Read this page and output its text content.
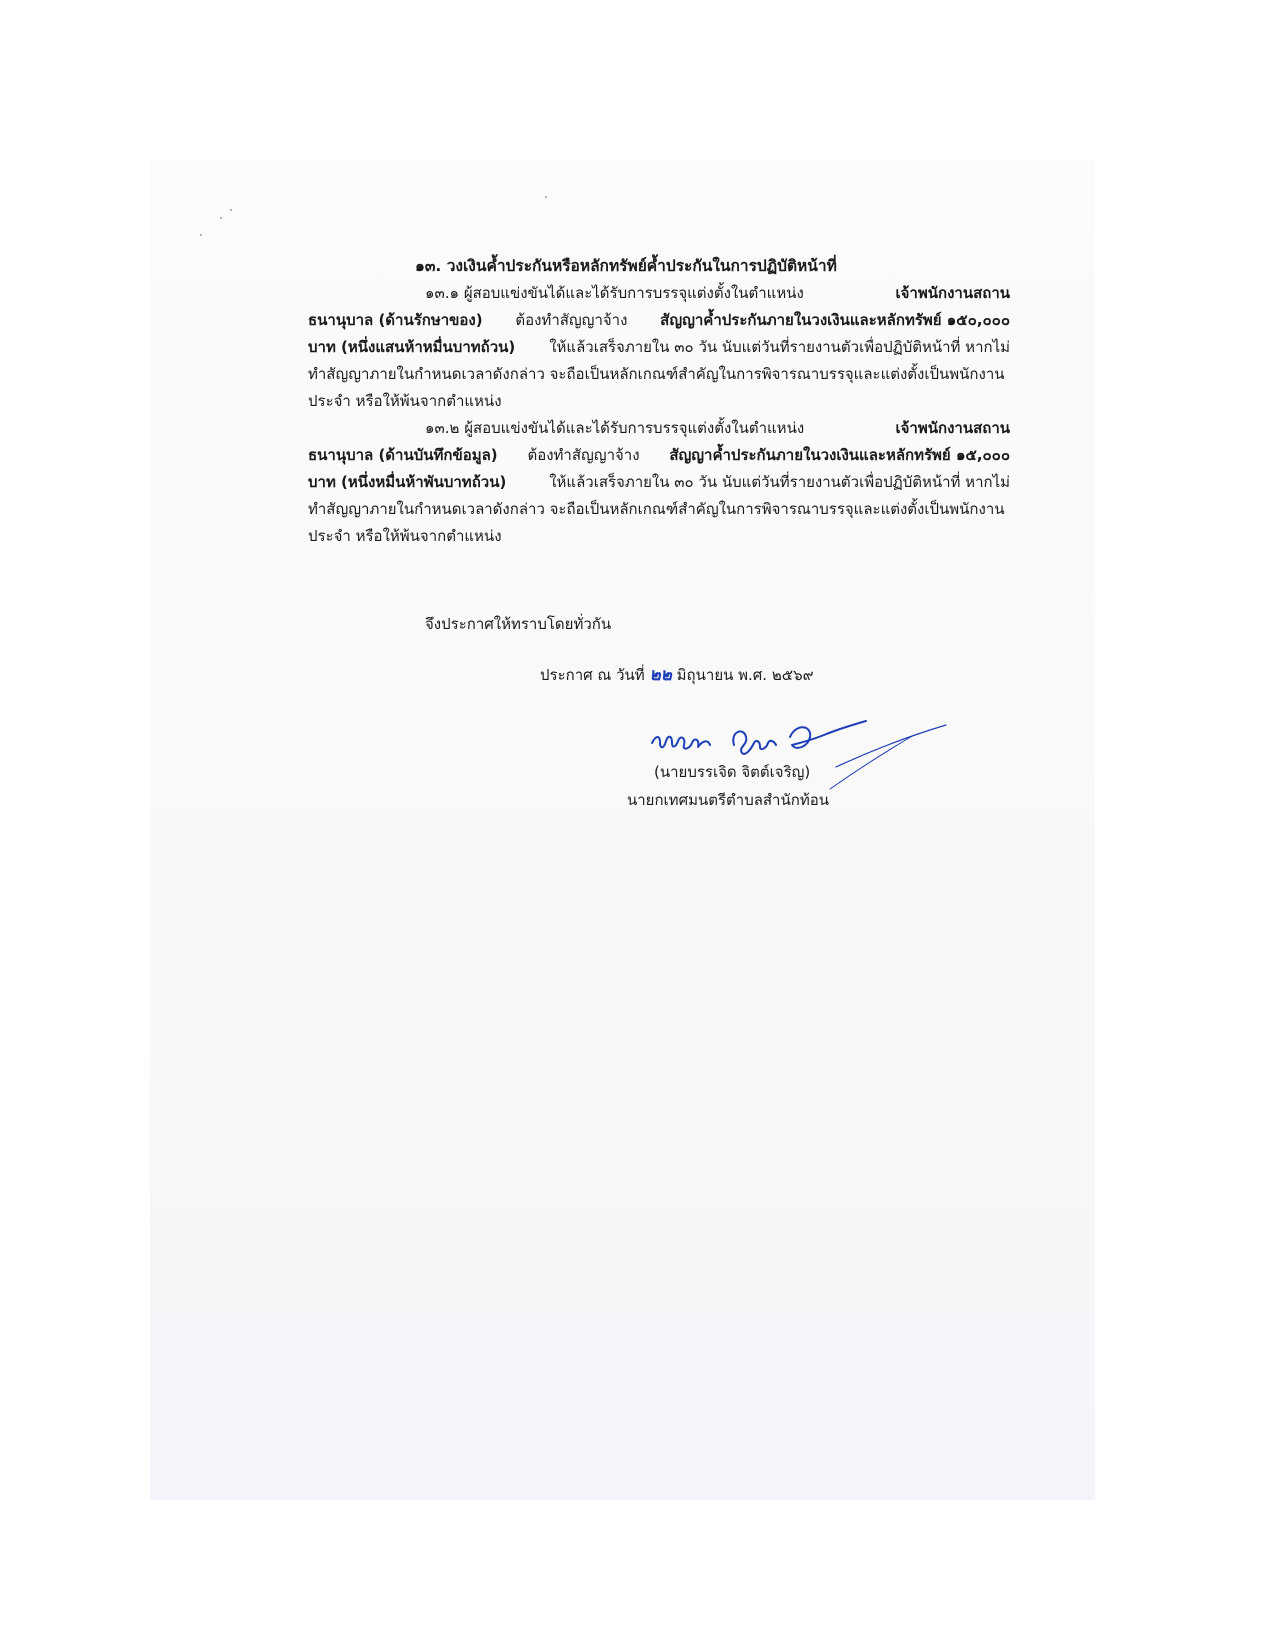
๑๓. วงเงินค้ำประกันหรือหลักทรัพย์ค้ำประกันในการปฏิบัติหน้าที่

๑๓.๑ ผู้สอบแข่งขันได้และได้รับการบรรจุแต่งตั้งในตำแหน่ง	เจ้าพนักงานสถาน
ธนานุบาล (ด้านรักษาของ) ต้องทำสัญญาจ้าง สัญญาค้ำประกันภายในวงเงินและหลักทรัพย์ ๑๕๐,๐๐๐
บาท (หนึ่งแสนห้าหมื่นบาทถ้วน) ให้แล้วเสร็จภายใน ๓๐ วัน นับแต่วันที่รายงานตัวเพื่อปฏิบัติหน้าที่ หากไม่
ทำสัญญาภายในกำหนดเวลาดังกล่าว จะถือเป็นหลักเกณฑ์สำคัญในการพิจารณาบรรจุและแต่งตั้งเป็นพนักงาน
ประจำ หรือให้พ้นจากตำแหน่ง
๑๓.๒ ผู้สอบแข่งขันได้และได้รับการบรรจุแต่งตั้งในตำแหน่ง	เจ้าพนักงานสถาน
ธนานุบาล (ด้านบันทึกข้อมูล) ต้องทำสัญญาจ้าง สัญญาค้ำประกันภายในวงเงินและหลักทรัพย์ ๑๕,๐๐๐
บาท (หนึ่งหมื่นห้าพันบาทถ้วน)	ให้แล้วเสร็จภายใน ๓๐ วัน นับแต่วันที่รายงานตัวเพื่อปฏิบัติหน้าที่ หากไม่
ทำสัญญาภายในกำหนดเวลาดังกล่าว จะถือเป็นหลักเกณฑ์สำคัญในการพิจารณาบรรจุและแต่งตั้งเป็นพนักงาน
ประจำ หรือให้พ้นจากตำแหน่ง
จึงประกาศให้ทราบโดยทั่วกัน
ประกาศ ณ วันที่ ๒๒ มิถุนายน พ.ศ. ๒๕๖๙
(นายบรรเจิด จิตต์เจริญ)
นายกเทศมนตรีตำบลสำนักท้อน
